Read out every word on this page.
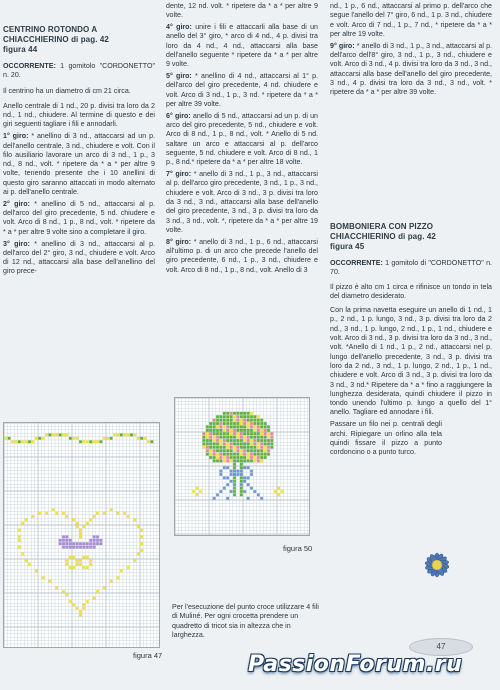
CENTRINO ROTONDO A CHIACCHIERINO di pag. 42
figura 44

OCCORRENTE: 1 gomitolo "CORDONETTO" n. 20.

Il centrino ha un diametro di cm 21 circa.

Anello centrale di 1 nd., 20 p. divisi tra loro da 2 nd., 1 nd., chiudere. Al termine di questo e dei giri seguenti tagliare i fili e annodarli.

1° giro: * anellino di 3 nd., attaccarsi ad un p. dell'anello centrale, 3 nd., chiudere e volt. Con il filo ausiliario lavorare un arco di 3 nd., 1 p., 3 nd., 8 nd., volt. * ripetere da * a * per altre 9 volte, tenendo presente che i 10 anellini di questo giro saranno attaccati in modo alternato ai p. dell'anello centrale.

2° giro: * anellino di 5 nd., attaccarsi al p. dell'arco del giro precedente, 5 nd. chiudere e volt. Arco di 8 nd., 1 p., 8 nd., volt. * ripetere da * a * per altre 9 volte sino a completare il giro.

3° giro: * anellino di 3 nd., attaccarsi al p. dell'arco del 2° giro, 3 nd., chiudere e volt. Arco di 12 nd., attaccarsi alla base dell'anellino del giro prece-

dente, 12 nd. volt. * ripetere da * a * per altre 9 volte.

4° giro: unire i fili e attaccarli alla base di un anello del 3° giro, * arco di 4 nd., 4 p. divisi tra loro da 4 nd., 4 nd., attaccarsi alla base dell'anello seguente * ripetere da * a * per altre 9 volte.

5° giro: * anellino di 4 nd., attaccarsi al 1° p. dell'arco del giro precedente, 4 nd. chiudere e volt. Arco di 3 nd., 1 p., 3 nd. * ripetere da * a * per altre 39 volte.

6° giro: anello di 5 nd., attaccarsi ad un p. di un arco del giro precedente, 5 nd., chiudere e volt. Arco di 8 nd., 1 p., 8 nd., volt. * Anello di 5 nd. saltare un arco e attaccarsi al p. dell'arco seguente, 5 nd. chiudere e volt. Arco di 8 nd., 1 p., 8 nd.* ripetere da * a * per altre 18 volte.

7° giro: * anello di 3 nd., 1 p., 3 nd., attaccarsi al p. dell'arco giro precedente, 3 nd., 1 p., 3 nd., chiudere e volt. Arco di 3 nd., 3 p. divisi tra loro da 3 nd., 3 nd., attaccarsi alla base dell'anello del giro precedente, 3 nd., 3 p. divisi tra loro da 3 nd., 3 nd., volt. *, ripetere da * a * per altre 19 volte.

8° giro: * anello di 3 nd., 1 p., 6 nd., attaccarsi all'ultimo p. di un arco che precede l'anello del giro precedente, 6 nd., 1 p., 3 nd., chiudere e volt. Arco di 8 nd., 1 p., 8 nd., volt. Anello di 3

nd., 1 p., 6 nd., attaccarsi al primo p. dell'arco che segue l'anello del 7° giro, 6 nd., 1 p. 3 nd., chiudere e volt. Arco di 7 nd., 1 p., 7 nd., * ripetere da * a * per altre 19 volte.

9° giro: * anello di 3 nd., 1 p., 3 nd., attaccarsi al p. dell'arco dell'8° giro, 3 nd., 1 p., 3 nd., chiudere e volt. Arco di 3 nd., 4 p. divisi tra loro da 3 nd., 3 nd., attaccarsi alla base dell'anello del giro precedente, 3 nd., 4 p. divisi tra loro da 3 nd., 3 nd., volt. * ripetere da * a * per altre 39 volte.

BOMBONIERA CON PIZZO CHIACCHIERINO di pag. 42
figura 45

OCCORRENTE: 1 gomitolo di "CORDONETTO" n. 70.

Il pizzo è alto cm 1 circa e rifinisce un tondo in tela del diametro desiderato.

Con la prima navetta eseguire un anello di 1 nd., 1 p., 2 nd., 1 p. lungo, 3 nd., 3 p. divisi tra loro da 2 nd., 3 nd., 1 p. lungo, 2 nd., 1 p., 1 nd., chiudere e volt. Arco di 3 nd., 3 p. divisi tra loro da 3 nd., 3 nd., volt. *Anello di 1 nd., 1 p., 2 nd., attaccarsi nel p. lungo dell'anello precedente, 3 nd., 3 p. divisi tra loro da 2 nd., 3 nd., 1 p. lungo, 2 nd., 1 p., 1 nd., chiudere e volt. Arco di 3 nd., 3 p. divisi tra loro da 3 nd., 3 nd.* Ripetere da * a * fino a raggiungere la lunghezza desiderata, quindi chiudere il pizzo in tondo unendo l'ultimo p. lungo a quello del 1° anello. Tagliare ed annodare i fili.

Passare un filo nei p. centrali degli archi. Ripiegare un orlino alla tela quindi fissare il pizzo a punto cordoncino o a punto turco.

figura 47
figura 50
Per l'esecuzione del punto croce utilizzare 4 fili di Muliné. Per ogni crocetta prendere un quadretto di tricot sia in altezza che in larghezza.
47
PassionForum.ru
